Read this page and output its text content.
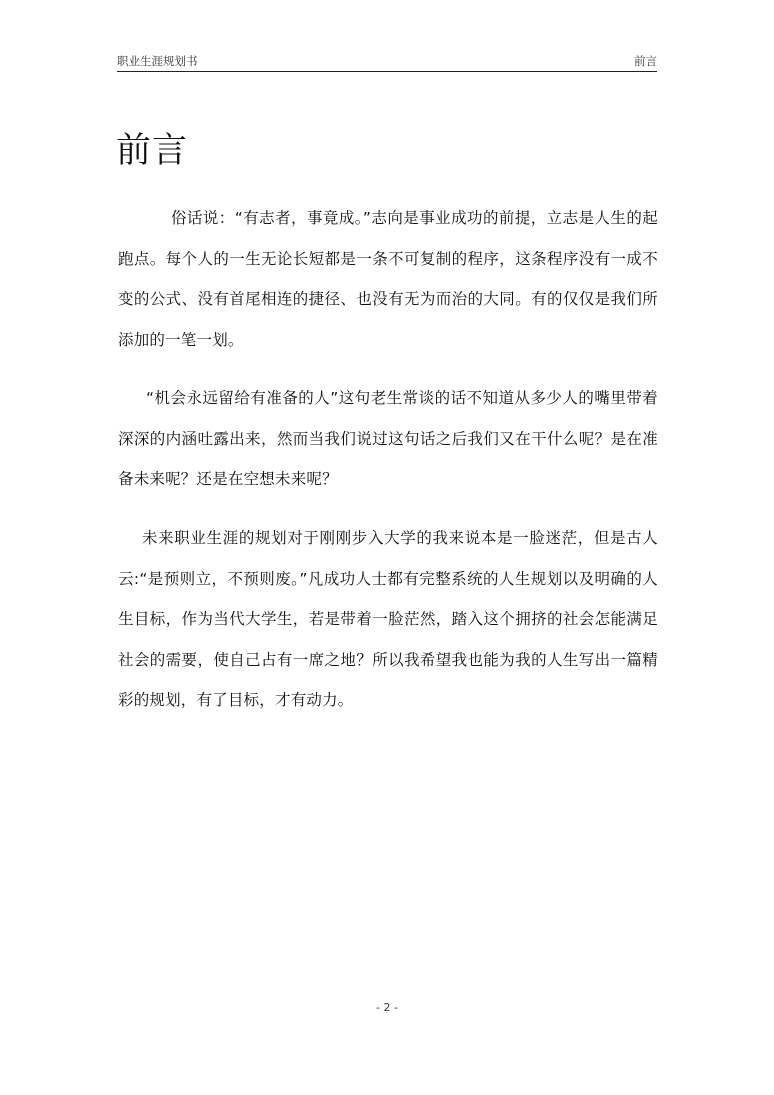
职业生涯规划书	前言
前言

俗话说：“有志者，事竟成。”志向是事业成功的前提，立志是人生的起跑点。每个人的一生无论长短都是一条不可复制的程序，这条程序没有一成不变的公式、没有首尾相连的捷径、也没有无为而治的大同。有的仅仅是我们所添加的一笔一划。

“机会永远留给有准备的人”这句老生常谈的话不知道从多少人的嘴里带着深深的内涵吐露出来，然而当我们说过这句话之后我们又在干什么呢？是在准备未来呢？还是在空想未来呢？

未来职业生涯的规划对于刚刚步入大学的我来说本是一脸迷茫，但是古人云:“是预则立，不预则废。”凡成功人士都有完整系统的人生规划以及明确的人生目标，作为当代大学生，若是带着一脸茫然，踏入这个拥挤的社会怎能满足社会的需要，使自己占有一席之地？所以我希望我也能为我的人生写出一篇精彩的规划，有了目标，才有动力。

- 2 -
